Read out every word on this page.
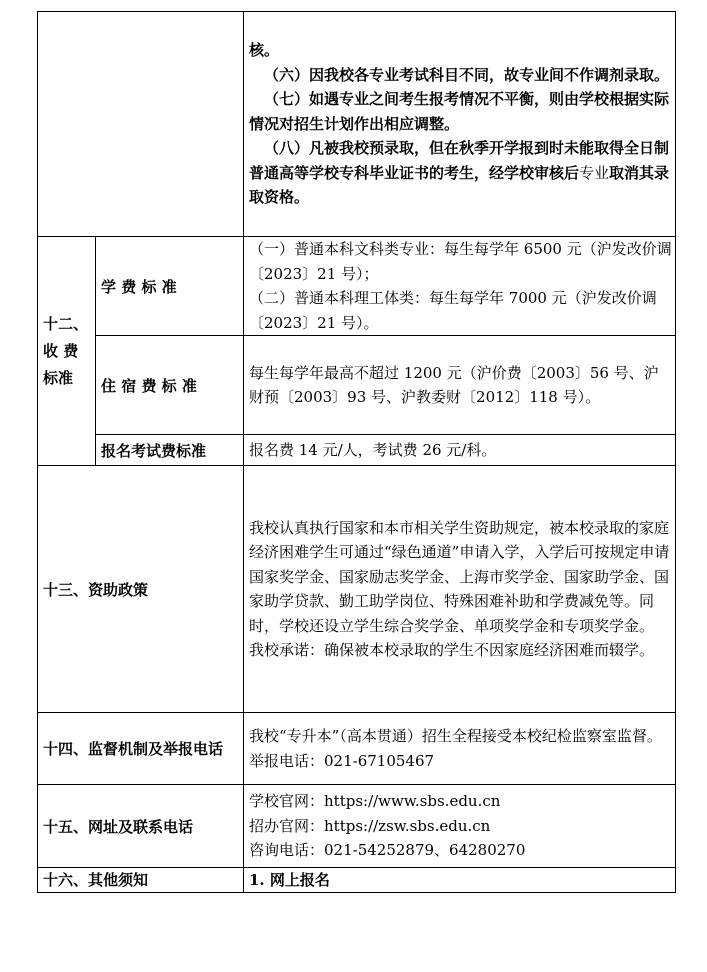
		核。

（六）因我校各专业考试科目不同，故专业间不作调剂录取。

（七）如遇专业之间考生报考情况不平衡，则由学校根据实际情况对招生计划作出相应调整。

（八）凡被我校预录取，但在秋季开学报到时未能取得全日制普通高等学校专科毕业证书的考生，经学校审核后专业取消其录取资格。

十二、收 费标准	学 费 标 准	（一）普通本科文科类专业：每生每学年 6500 元（沪发改价调〔2023〕21 号）；

（二）普通本科理工体类：每生每学年 7000 元（沪发改价调〔2023〕21 号）。

	住 宿 费 标 准	每生每学年最高不超过 1200 元（沪价费〔2003〕56 号、沪财预〔2003〕93 号、沪教委财〔2012〕118 号）。

	报名考试费标准	报名费 14 元/人，考试费 26 元/科。

十三、资助政策		我校认真执行国家和本市相关学生资助规定，被本校录取的家庭经济困难学生可通过“绿色通道”申请入学，入学后可按规定申请国家奖学金、国家励志奖学金、上海市奖学金、国家助学金、国家助学贷款、勤工助学岗位、特殊困难补助和学费减免等。同时，学校还设立学生综合奖学金、单项奖学金和专项奖学金。

我校承诺：确保被本校录取的学生不因家庭经济困难而辍学。

十四、监督机制及举报电话		我校“专升本”（高本贯通）招生全程接受本校纪检监察室监督。

举报电话：021-67105467

十五、网址及联系电话		学校官网：https://www.sbs.edu.cn

招办官网：https://zsw.sbs.edu.cn

咨询电话：021-54252879、64280270

十六、其他须知		1. 网上报名
